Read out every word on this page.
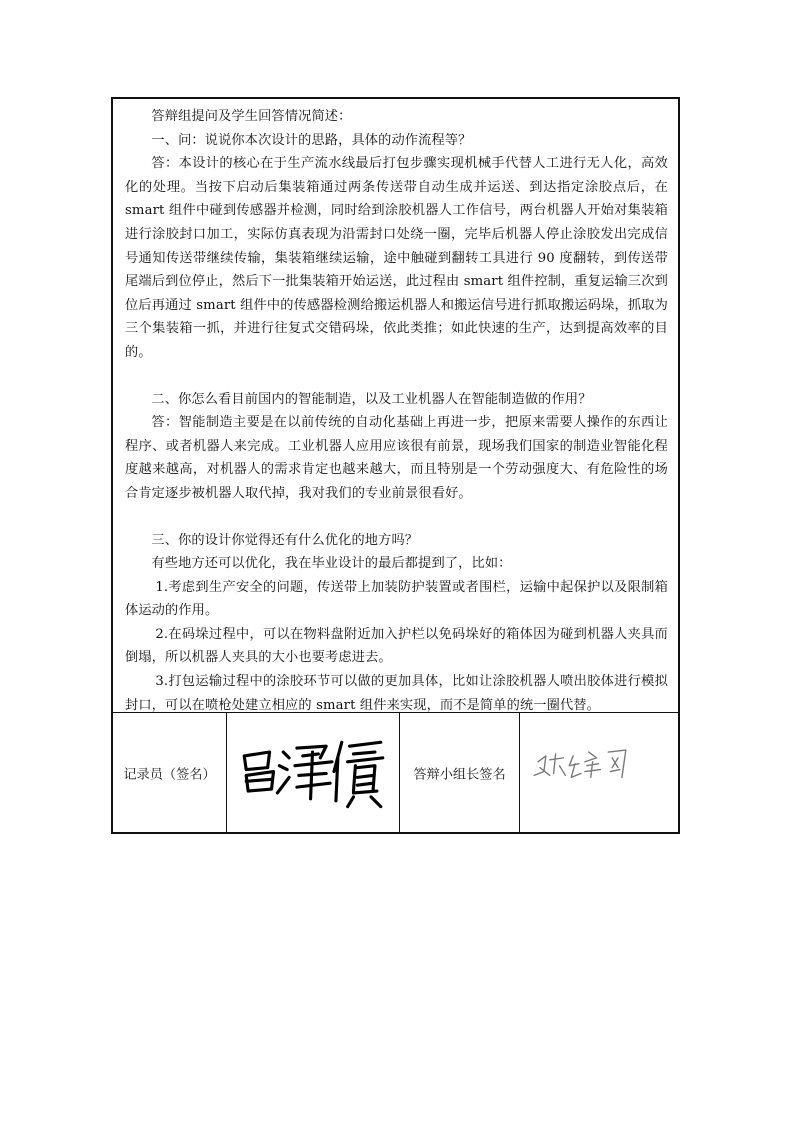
答辩组提问及学生回答情况简述：

一、问：说说你本次设计的思路，具体的动作流程等？

答：本设计的核心在于生产流水线最后打包步骤实现机械手代替人工进行无人化，高效化的处理。当按下启动后集装箱通过两条传送带自动生成并运送、到达指定涂胶点后，在 smart 组件中碰到传感器并检测，同时给到涂胶机器人工作信号，两台机器人开始对集装箱进行涂胶封口加工，实际仿真表现为沿需封口处绕一圈，完毕后机器人停止涂胶发出完成信号通知传送带继续传输，集装箱继续运输，途中触碰到翻转工具进行 90 度翻转，到传送带尾端后到位停止，然后下一批集装箱开始运送，此过程由 smart 组件控制，重复运输三次到位后再通过 smart 组件中的传感器检测给搬运机器人和搬运信号进行抓取搬运码垛，抓取为三个集装箱一抓，并进行往复式交错码垛，依此类推；如此快速的生产，达到提高效率的目的。

二、你怎么看目前国内的智能制造，以及工业机器人在智能制造做的作用？

答：智能制造主要是在以前传统的自动化基础上再进一步，把原来需要人操作的东西让程序、或者机器人来完成。工业机器人应用应该很有前景，现场我们国家的制造业智能化程度越来越高，对机器人的需求肯定也越来越大，而且特别是一个劳动强度大、有危险性的场合肯定逐步被机器人取代掉，我对我们的专业前景很看好。

三、你的设计你觉得还有什么优化的地方吗？

有些地方还可以优化，我在毕业设计的最后都提到了，比如：

1.考虑到生产安全的问题，传送带上加装防护装置或者围栏，运输中起保护以及限制箱体运动的作用。

2.在码垛过程中，可以在物料盘附近加入护栏以免码垛好的箱体因为碰到机器人夹具而倒塌，所以机器人夹具的大小也要考虑进去。

3.打包运输过程中的涂胶环节可以做的更加具体，比如让涂胶机器人喷出胶体进行模拟封口，可以在喷枪处建立相应的 smart 组件来实现，而不是简单的统一圈代替。

记录员（签名）	答辩小组长签名
